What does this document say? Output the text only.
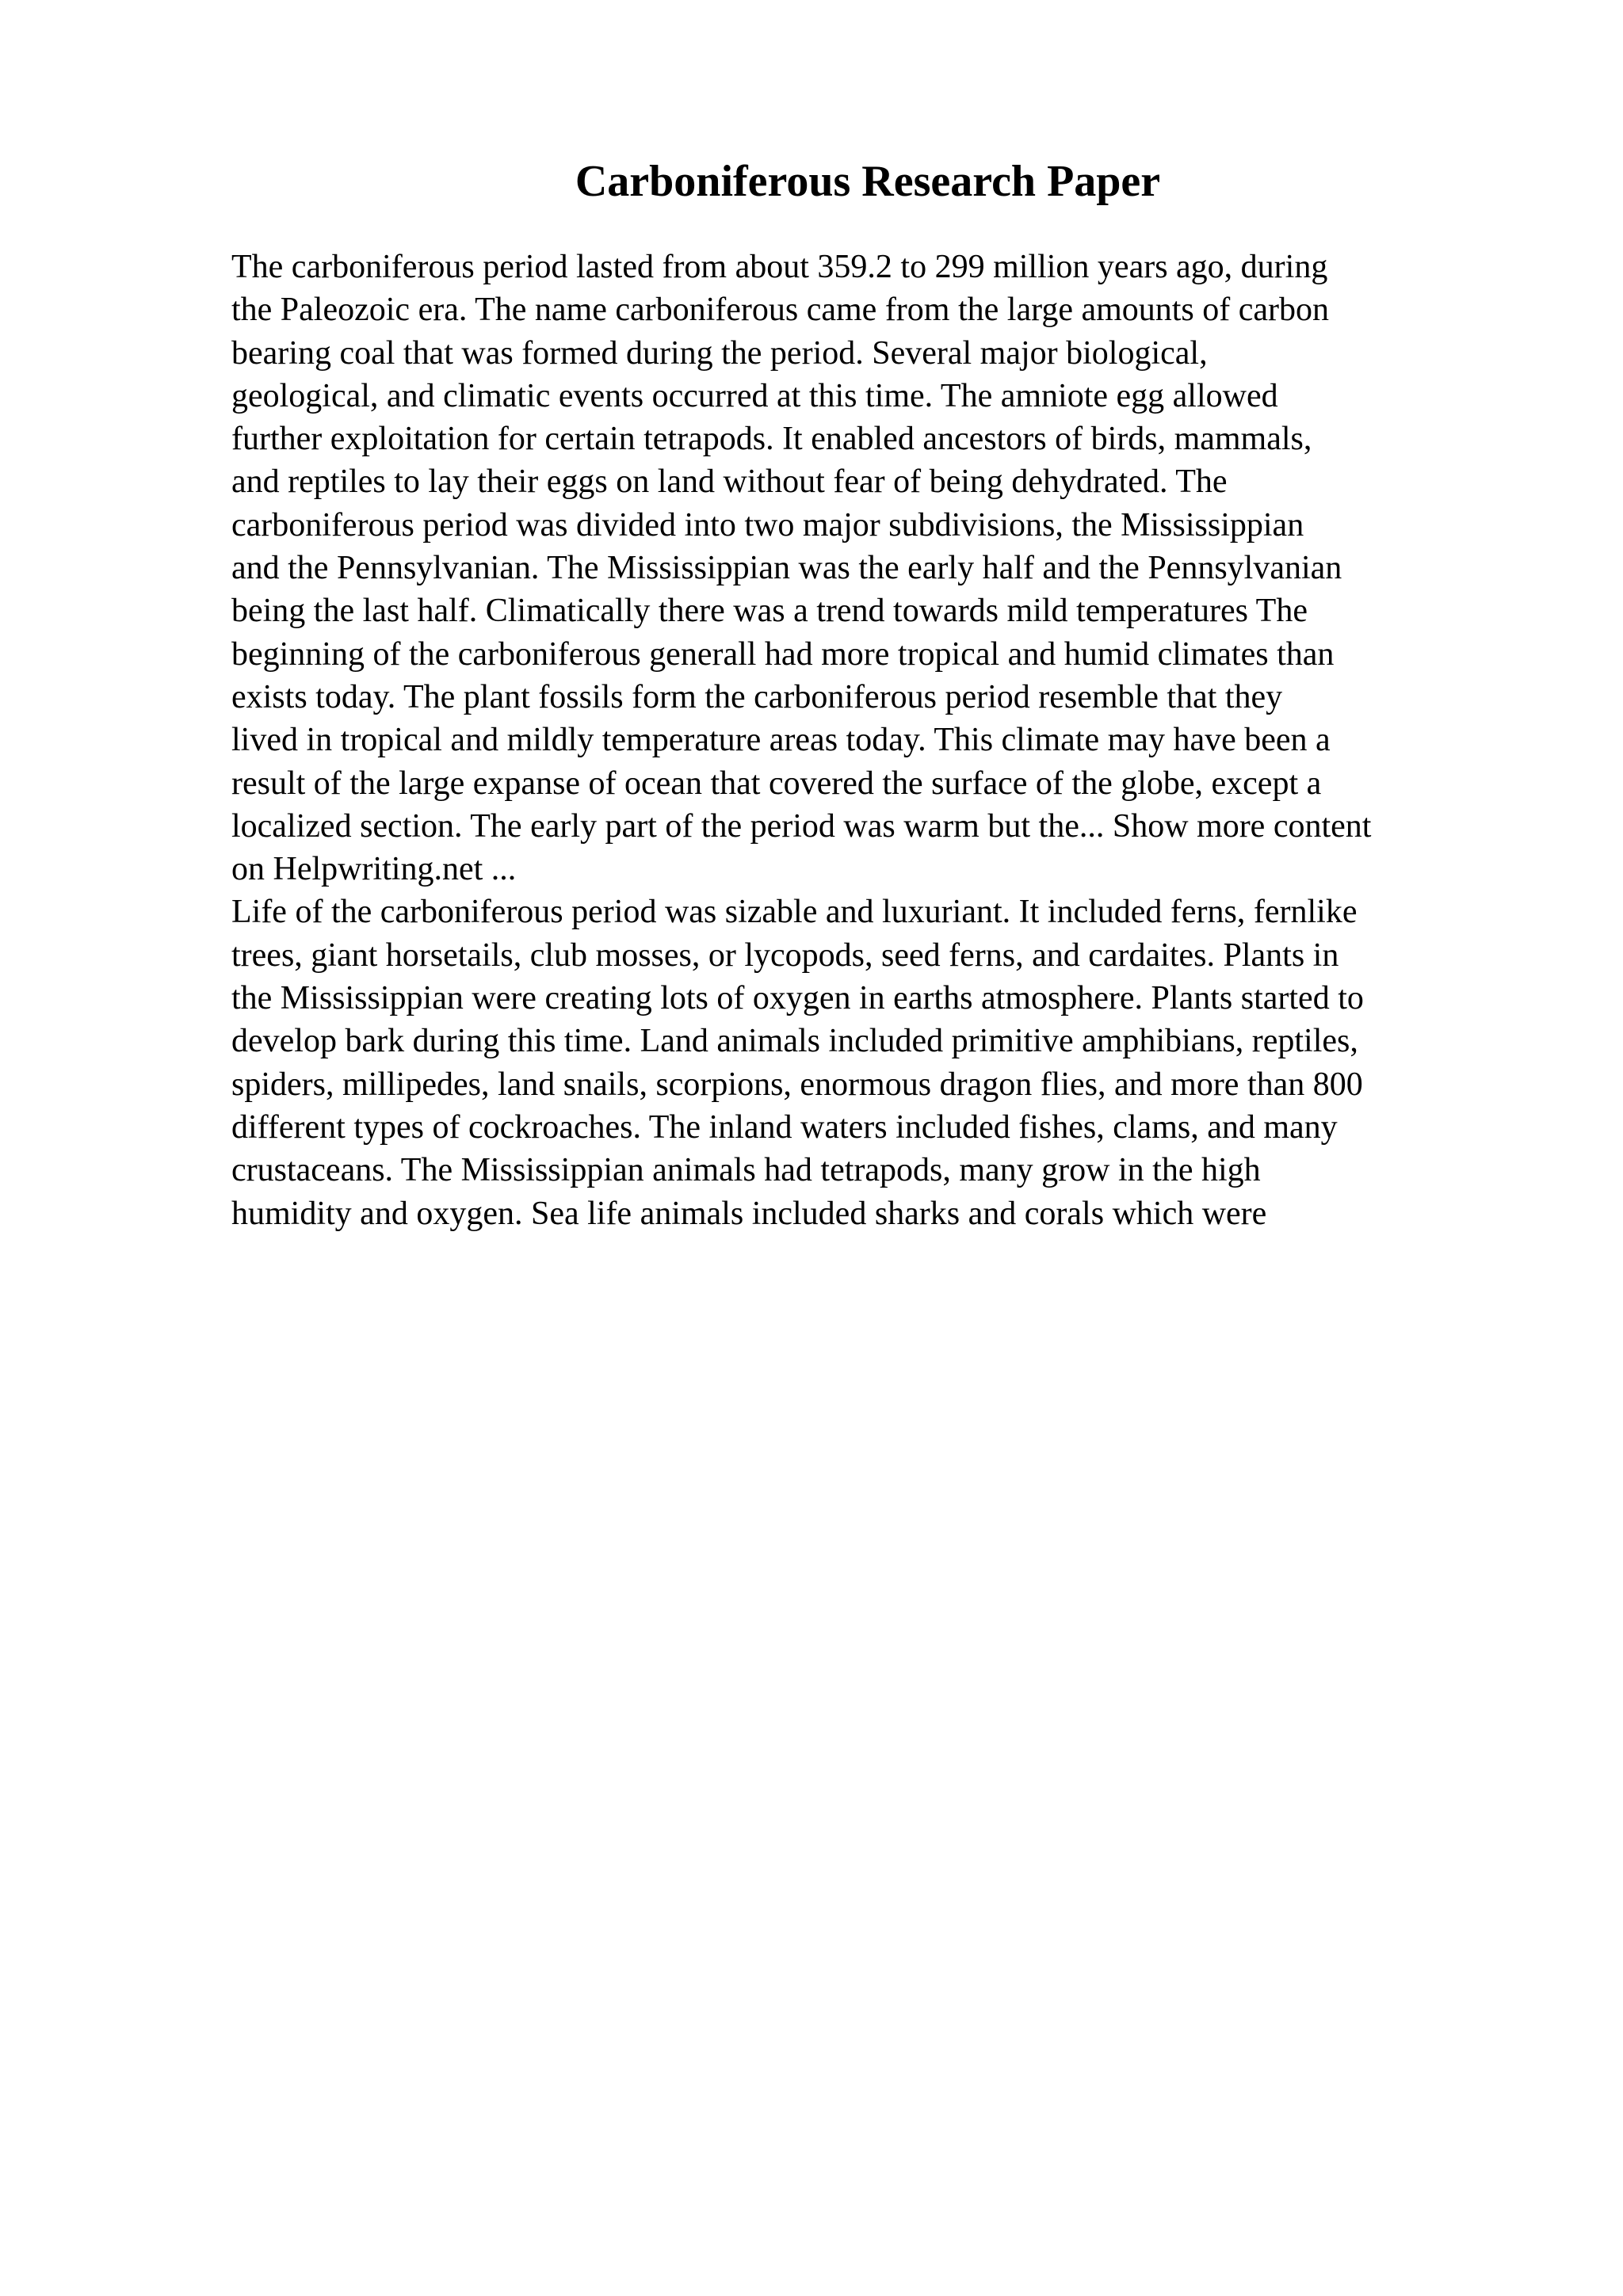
Carboniferous Research Paper
The carboniferous period lasted from about 359.2 to 299 million years ago, during
the Paleozoic era. The name carboniferous came from the large amounts of carbon
bearing coal that was formed during the period. Several major biological,
geological, and climatic events occurred at this time. The amniote egg allowed
further exploitation for certain tetrapods. It enabled ancestors of birds, mammals,
and reptiles to lay their eggs on land without fear of being dehydrated. The
carboniferous period was divided into two major subdivisions, the Mississippian
and the Pennsylvanian. The Mississippian was the early half and the Pennsylvanian
being the last half. Climatically there was a trend towards mild temperatures The
beginning of the carboniferous generall had more tropical and humid climates than
exists today. The plant fossils form the carboniferous period resemble that they
lived in tropical and mildly temperature areas today. This climate may have been a
result of the large expanse of ocean that covered the surface of the globe, except a
localized section. The early part of the period was warm but the... Show more content
on Helpwriting.net ...
Life of the carboniferous period was sizable and luxuriant. It included ferns, fernlike
trees, giant horsetails, club mosses, or lycopods, seed ferns, and cardaites. Plants in
the Mississippian were creating lots of oxygen in earths atmosphere. Plants started to
develop bark during this time. Land animals included primitive amphibians, reptiles,
spiders, millipedes, land snails, scorpions, enormous dragon flies, and more than 800
different types of cockroaches. The inland waters included fishes, clams, and many
crustaceans. The Mississippian animals had tetrapods, many grow in the high
humidity and oxygen. Sea life animals included sharks and corals which were
